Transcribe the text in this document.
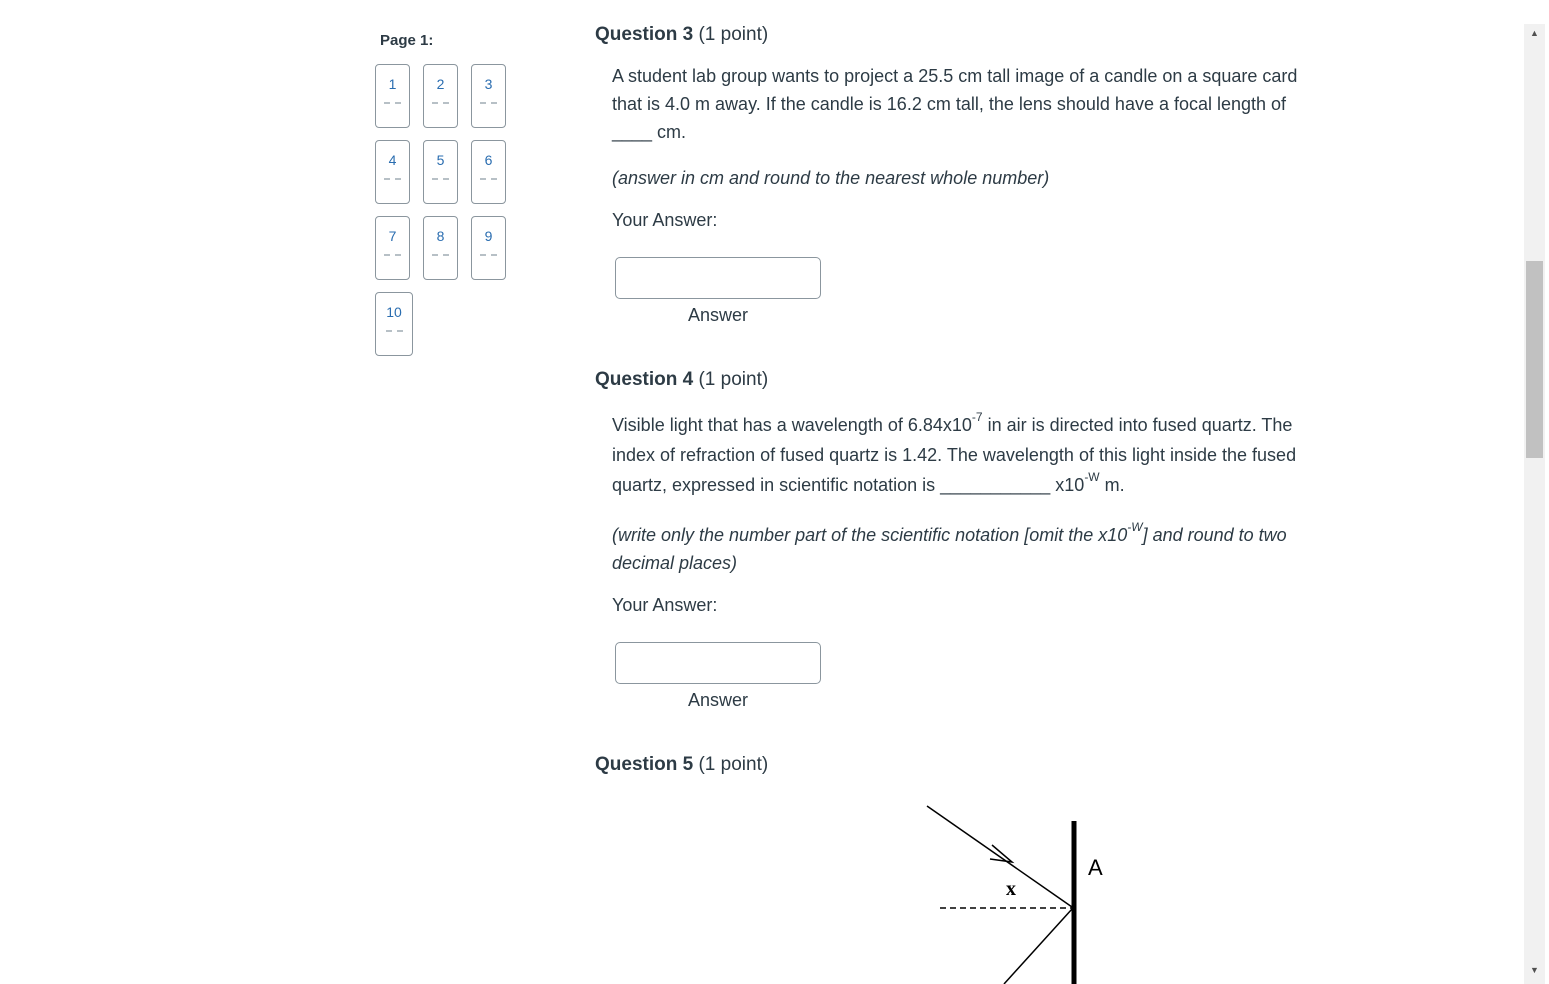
Page 1:
1	2	3
4	5	6
7	8	9
10
Question 3 (1 point)
A student lab group wants to project a 25.5 cm tall image of a candle on a square card that is 4.0 m away. If the candle is 16.2 cm tall, the lens should have a focal length of ____ cm.
(answer in cm and round to the nearest whole number)
Your Answer:
Answer
Question 4 (1 point)
Visible light that has a wavelength of $6.84x10^{-7}$ in air is directed into fused quartz. The index of refraction of fused quartz is 1.42. The wavelength of this light inside the fused quartz, expressed in scientific notation is ___________ $x10^{-W}$ m.
(write only the number part of the scientific notation [omit the $x10^{-W}$] and round to two decimal places)
Your Answer:
Answer
Question 5 (1 point)
x
A
▲
▼
